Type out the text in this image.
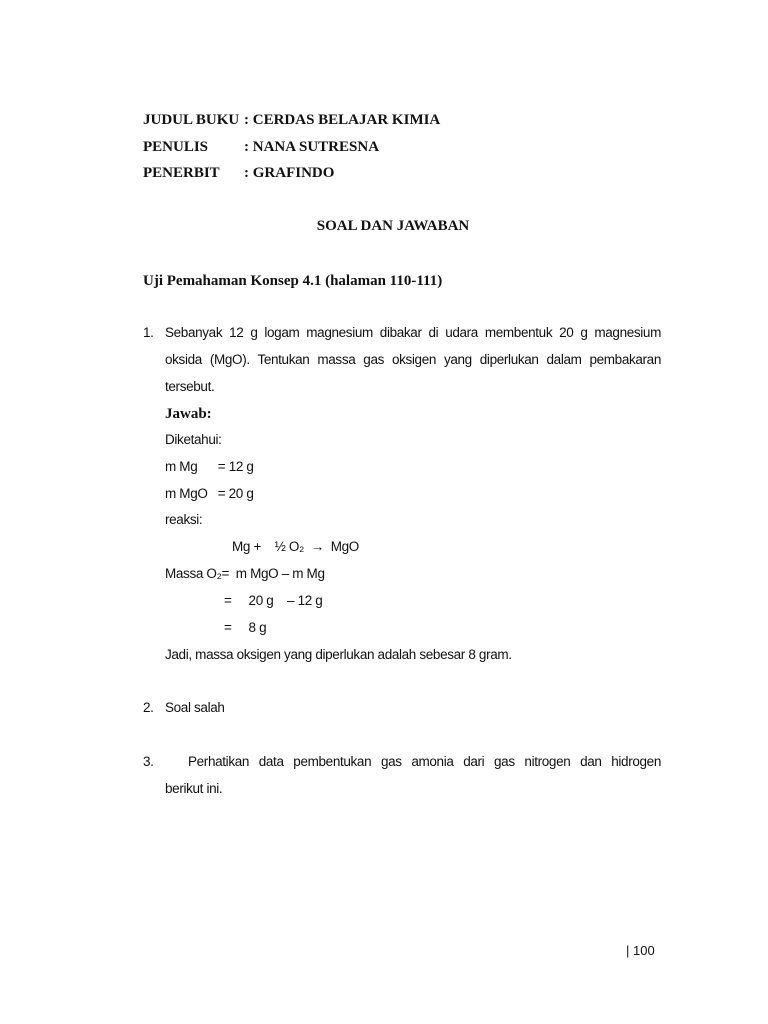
JUDUL BUKU : CERDAS BELAJAR KIMIA
PENULIS : NANA SUTRESNA
PENERBIT : GRAFINDO
SOAL DAN JAWABAN
Uji Pemahaman Konsep 4.1 (halaman 110-111)
1. Sebanyak 12 g logam magnesium dibakar di udara membentuk 20 g magnesium
oksida (MgO). Tentukan massa gas oksigen yang diperlukan dalam pembakaran
tersebut.
Jawab:
Diketahui:
m Mg      = 12 g
m MgO   = 20 g
reaksi:
Mg +    ½ O₂  →  MgO
Massa O₂=  m MgO – m Mg
=     20 g    – 12 g
=     8 g
Jadi, massa oksigen yang diperlukan adalah sebesar 8 gram.
2. Soal salah
3.	Perhatikan data pembentukan gas amonia dari gas nitrogen dan hidrogen
berikut ini.
| 100
